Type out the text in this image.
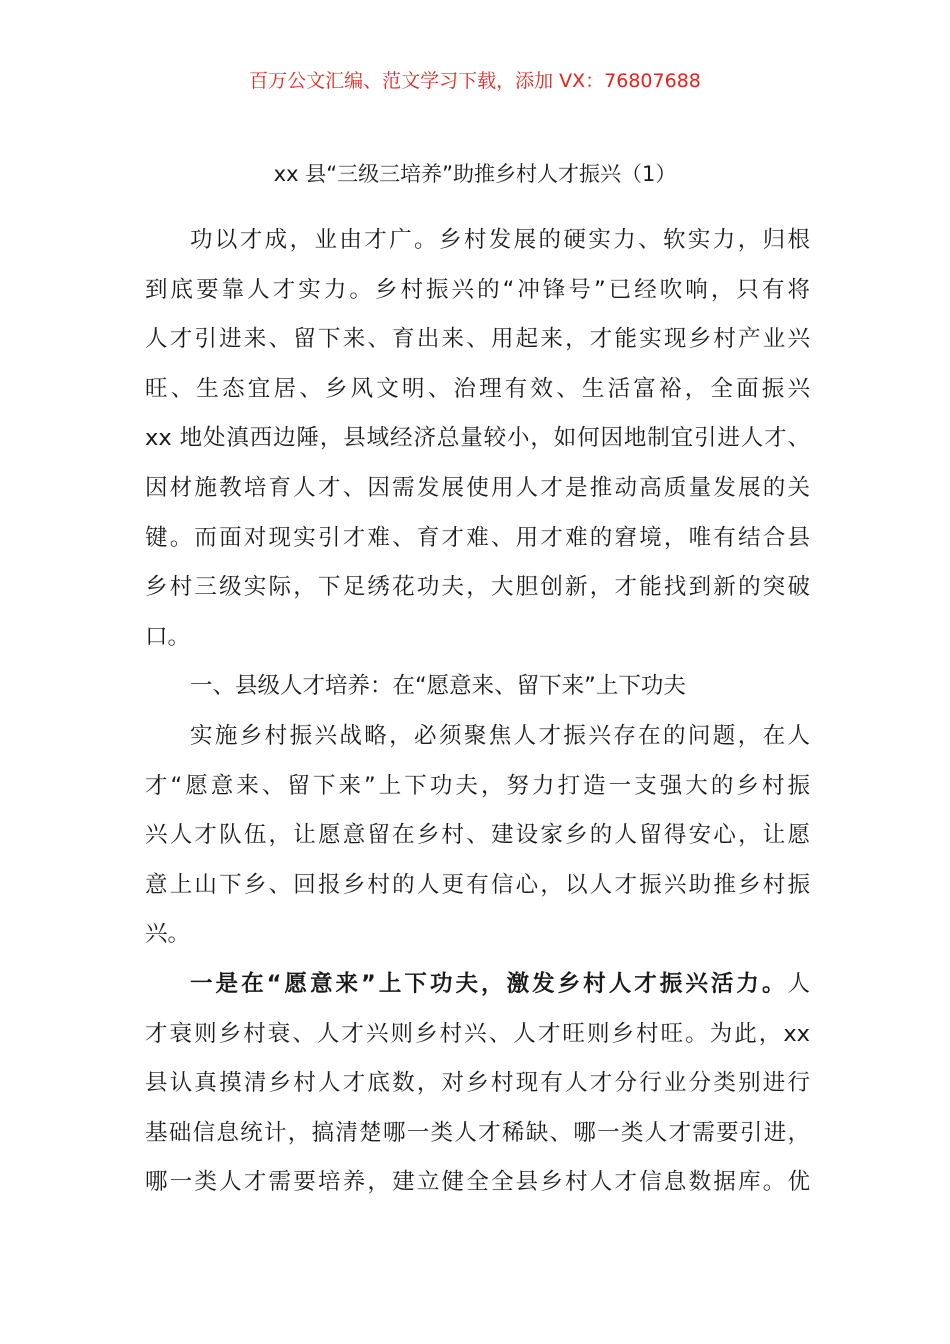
百万公文汇编、范文学习下载，添加 VX：76807688
xx 县“三级三培养”助推乡村人才振兴（1）
功以才成，业由才广。乡村发展的硬实力、软实力，归根
到底要靠人才实力。乡村振兴的“冲锋号”已经吹响，只有将
人才引进来、留下来、育出来、用起来，才能实现乡村产业兴
旺、生态宜居、乡风文明、治理有效、生活富裕，全面振兴
xx 地处滇西边陲，县域经济总量较小，如何因地制宜引进人才、
因材施教培育人才、因需发展使用人才是推动高质量发展的关
键。而面对现实引才难、育才难、用才难的窘境，唯有结合县
乡村三级实际，下足绣花功夫，大胆创新，才能找到新的突破
口。
一、县级人才培养：在“愿意来、留下来”上下功夫
实施乡村振兴战略，必须聚焦人才振兴存在的问题，在人
才“愿意来、留下来”上下功夫，努力打造一支强大的乡村振
兴人才队伍，让愿意留在乡村、建设家乡的人留得安心，让愿
意上山下乡、回报乡村的人更有信心，以人才振兴助推乡村振
兴。
一是在“愿意来”上下功夫，激发乡村人才振兴活力。人
才衰则乡村衰、人才兴则乡村兴、人才旺则乡村旺。为此，xx
县认真摸清乡村人才底数，对乡村现有人才分行业分类别进行
基础信息统计，搞清楚哪一类人才稀缺、哪一类人才需要引进，
哪一类人才需要培养，建立健全全县乡村人才信息数据库。优
